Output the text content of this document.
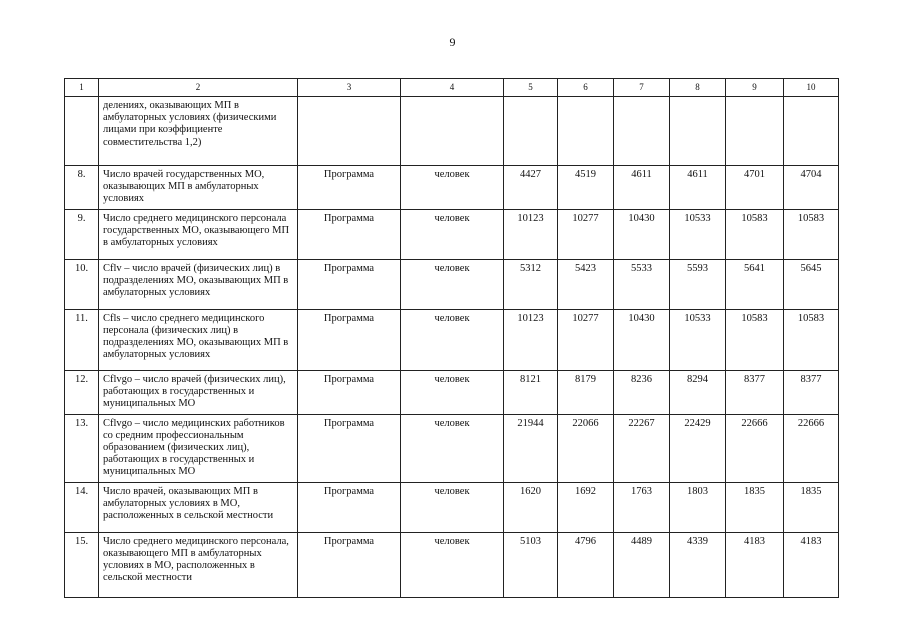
9
1	2	3	4	5	6	7	8	9	10
	делениях, оказывающих МП в амбулаторных условиях (физическими лицами при коэффициенте совместительства 1,2)								
8.	Число врачей государственных МО, оказывающих МП в амбулаторных условиях	Программа	человек	4427	4519	4611	4611	4701	4704
9.	Число среднего медицинского персонала государственных МО, оказывающего МП в амбулаторных условиях	Программа	человек	10123	10277	10430	10533	10583	10583
10.	Cflv – число врачей (физических лиц) в подразделениях МО, оказывающих МП в амбулаторных условиях	Программа	человек	5312	5423	5533	5593	5641	5645
11.	Cfls – число среднего медицинского персонала (физических лиц) в подразделениях МО, оказывающих МП в амбулаторных условиях	Программа	человек	10123	10277	10430	10533	10583	10583
12.	Cflvgo – число врачей (физических лиц), работающих в государственных и муниципальных МО	Программа	человек	8121	8179	8236	8294	8377	8377
13.	Cflvgo – число медицинских работников со средним профессиональным образованием (физических лиц), работающих в государственных и муниципальных МО	Программа	человек	21944	22066	22267	22429	22666	22666
14.	Число врачей, оказывающих МП в амбулаторных условиях в МО, расположенных в сельской местности	Программа	человек	1620	1692	1763	1803	1835	1835
15.	Число среднего медицинского персонала, оказывающего МП в амбулаторных условиях в МО, расположенных в сельской местности	Программа	человек	5103	4796	4489	4339	4183	4183
